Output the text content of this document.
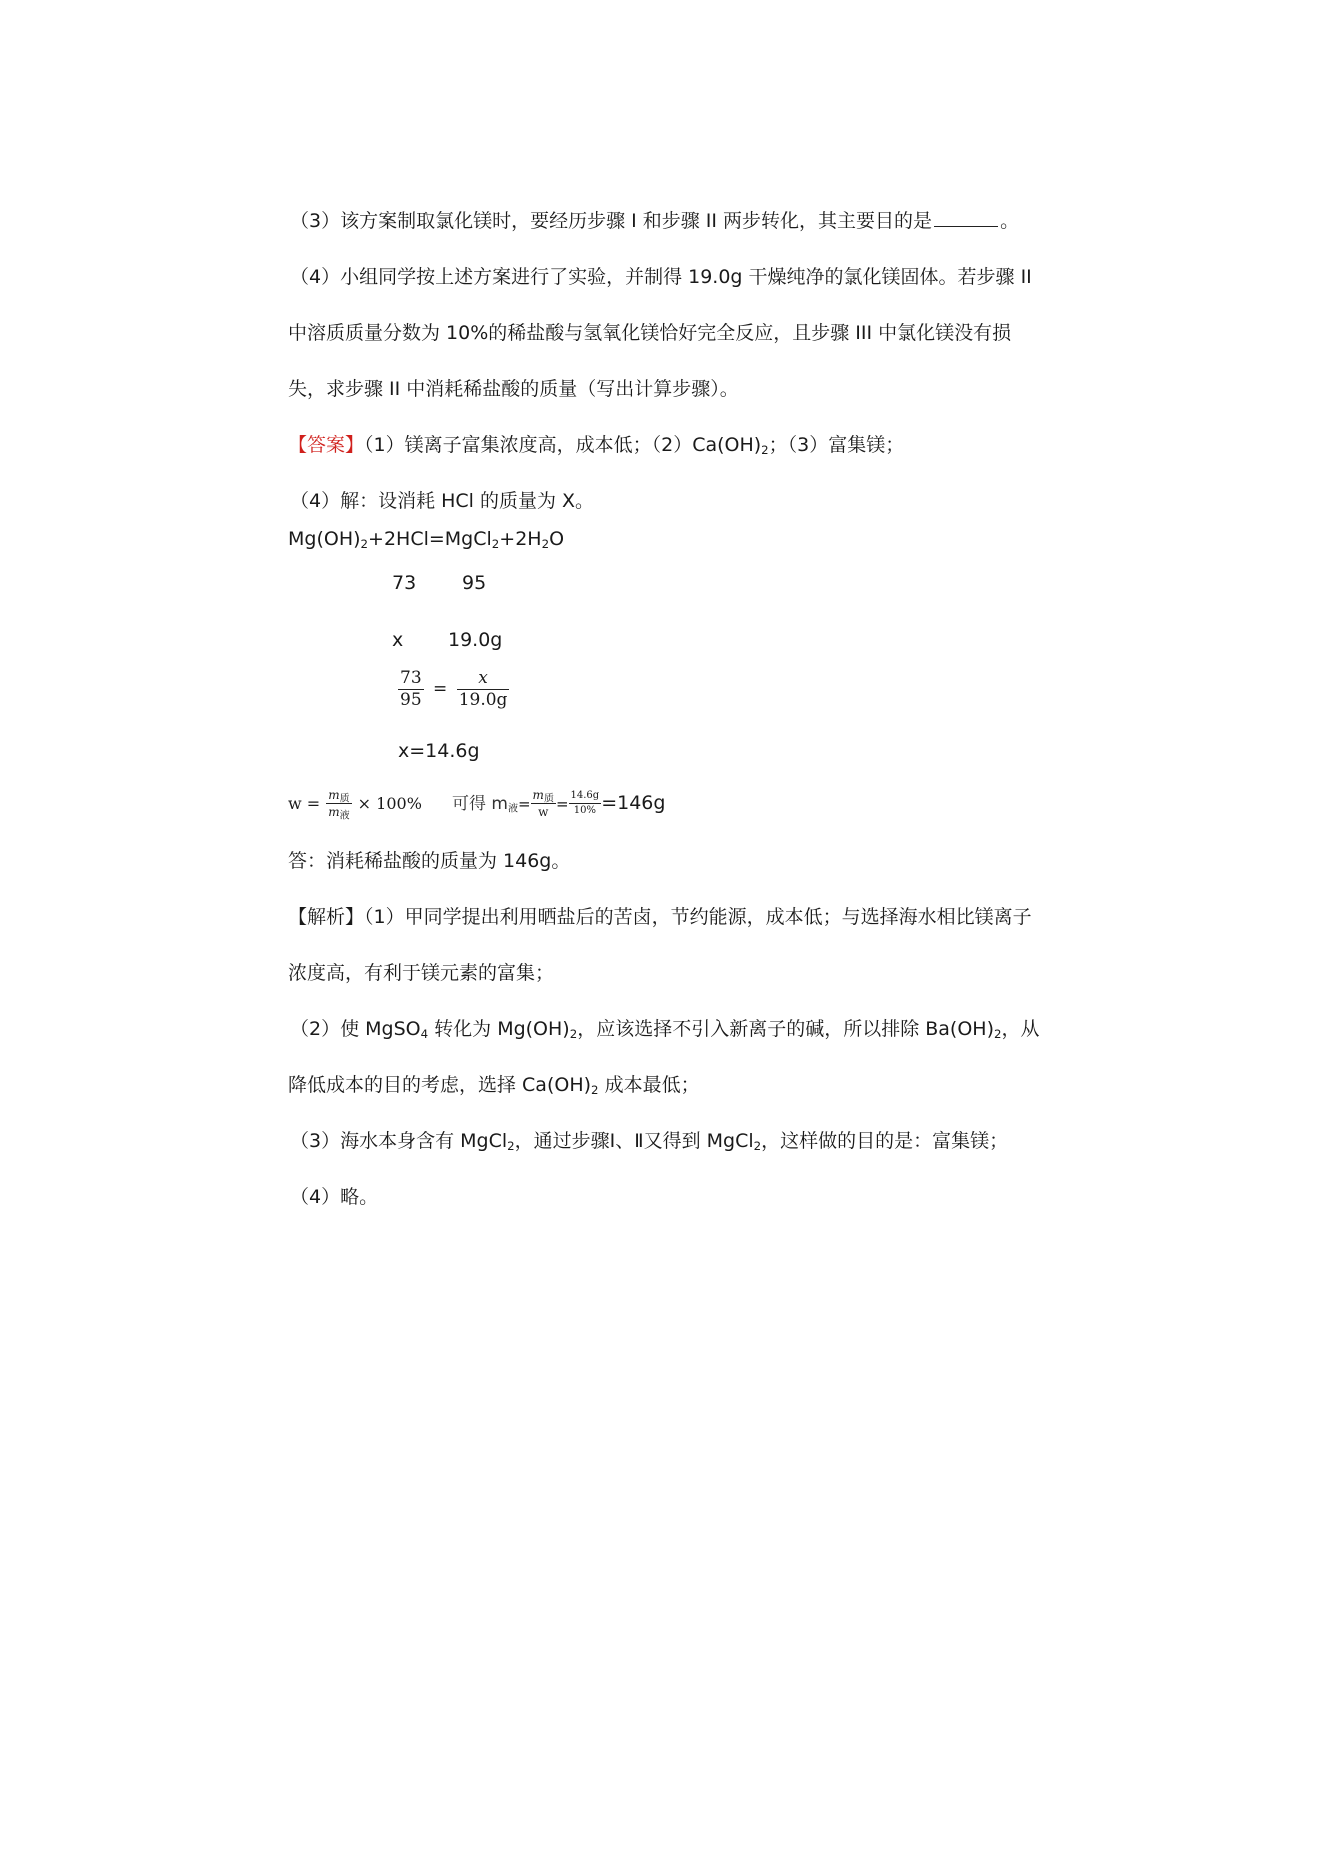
（3）该方案制取氯化镁时，要经历步骤 I 和步骤 II 两步转化，其主要目的是	。
（4）小组同学按上述方案进行了实验，并制得 19.0g 干燥纯净的氯化镁固体。若步骤 II
中溶质质量分数为 10%的稀盐酸与氢氧化镁恰好完全反应，且步骤 III 中氯化镁没有损
失，求步骤 II 中消耗稀盐酸的质量（写出计算步骤）。
【答案】（1）镁离子富集浓度高，成本低；$(2)Ca(OH)_2$；（3）富集镁；
（4）解：设消耗 HCl 的质量为 X。
$Mg(OH)_2+2HCl=MgCl_2+2H_2O$
73 95
x 19.0g
$\frac{73}{95} = \frac{x}{19.0g}$
x=14.6g
$w = \frac{m_质}{m_液} \times 100\%$ 可得 $m_液= \frac{m_质}{w} = \frac{14.6g}{10\%} =146g$
答：消耗稀盐酸的质量为 146g。
【解析】（1）甲同学提出利用晒盐后的苦卤，节约能源，成本低；与选择海水相比镁离子
浓度高，有利于镁元素的富集；
（2）使 MgSO$_4$ 转化为 $Mg(OH)_2$，应该选择不引入新离子的碱，所以排除 $Ba(OH)_2$，从
降低成本的目的考虑，选择 $Ca(OH)_2$ 成本最低；
（3）海水本身含有 MgCl$_2$，通过步骤Ⅰ、Ⅱ又得到 MgCl$_2$，这样做的目的是：富集镁；
（4）略。
